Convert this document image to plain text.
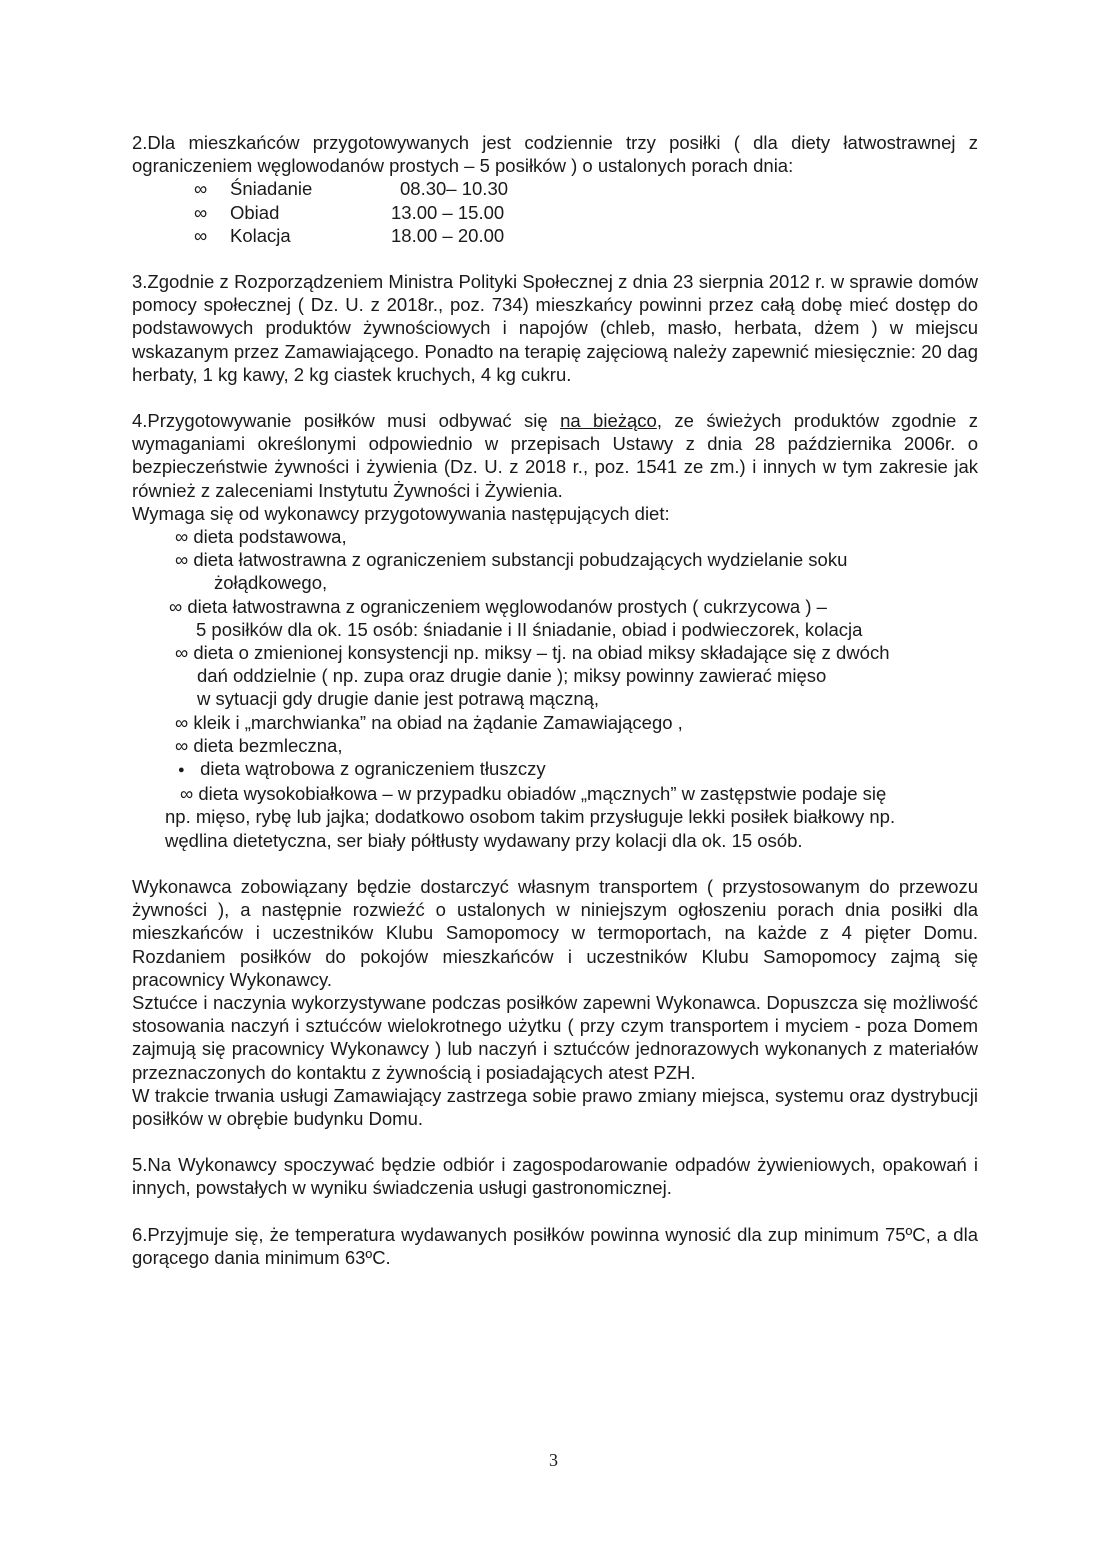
2.Dla mieszkańców przygotowywanych jest codziennie trzy posiłki ( dla diety łatwostrawnej z ograniczeniem węglowodanów prostych – 5 posiłków ) o ustalonych porach dnia:

∞	Śniadanie	08.30– 10.30
∞	Obiad	13.00 – 15.00
∞	Kolacja	18.00 – 20.00

3.Zgodnie z Rozporządzeniem Ministra Polityki Społecznej z dnia 23 sierpnia 2012 r. w sprawie domów pomocy społecznej ( Dz. U. z 2018r., poz. 734) mieszkańcy powinni przez całą dobę mieć dostęp do podstawowych produktów żywnościowych i napojów (chleb, masło, herbata, dżem ) w miejscu wskazanym przez Zamawiającego. Ponadto na terapię zajęciową należy zapewnić miesięcznie: 20 dag herbaty, 1 kg kawy, 2 kg ciastek kruchych, 4 kg cukru.

4.Przygotowywanie posiłków musi odbywać się na bieżąco, ze świeżych produktów zgodnie z wymaganiami określonymi odpowiednio w przepisach Ustawy z dnia 28 października 2006r. o bezpieczeństwie żywności i żywienia (Dz. U. z 2018 r., poz. 1541 ze zm.) i innych w tym zakresie jak również z zaleceniami Instytutu Żywności i Żywienia.

Wymaga się od wykonawcy przygotowywania następujących diet:

∞ dieta podstawowa,

∞ dieta łatwostrawna z ograniczeniem substancji pobudzających wydzielanie soku

żołądkowego,

∞ dieta łatwostrawna z ograniczeniem węglowodanów prostych ( cukrzycowa ) –

5 posiłków dla ok. 15 osób: śniadanie i II śniadanie, obiad i podwieczorek, kolacja

∞ dieta o zmienionej konsystencji np. miksy – tj. na obiad miksy składające się z dwóch

dań oddzielnie ( np. zupa oraz drugie danie ); miksy powinny zawierać mięso

w sytuacji gdy drugie danie jest potrawą mączną,

∞ kleik i „marchwianka” na obiad na żądanie Zamawiającego ,

∞ dieta bezmleczna,

● dieta wątrobowa z ograniczeniem tłuszczy

∞ dieta wysokobiałkowa – w przypadku obiadów „mącznych” w zastępstwie podaje się

np. mięso, rybę lub jajka; dodatkowo osobom takim przysługuje lekki posiłek białkowy np.

wędlina dietetyczna, ser biały półtłusty wydawany przy kolacji dla ok. 15 osób.

Wykonawca zobowiązany będzie dostarczyć własnym transportem ( przystosowanym do przewozu żywności ), a następnie rozwieźć o ustalonych w niniejszym ogłoszeniu porach dnia posiłki dla mieszkańców i uczestników Klubu Samopomocy w termoportach, na każde z 4 pięter Domu. Rozdaniem posiłków do pokojów mieszkańców i uczestników Klubu Samopomocy zajmą się pracownicy Wykonawcy.

Sztućce i naczynia wykorzystywane podczas posiłków zapewni Wykonawca. Dopuszcza się możliwość stosowania naczyń i sztućców wielokrotnego użytku ( przy czym transportem i myciem - poza Domem zajmują się pracownicy Wykonawcy ) lub naczyń i sztućców jednorazowych wykonanych z materiałów przeznaczonych do kontaktu z żywnością i posiadających atest PZH.

W trakcie trwania usługi Zamawiający zastrzega sobie prawo zmiany miejsca, systemu oraz dystrybucji posiłków w obrębie budynku Domu.

5.Na Wykonawcy spoczywać będzie odbiór i zagospodarowanie odpadów żywieniowych, opakowań i innych, powstałych w wyniku świadczenia usługi gastronomicznej.

6.Przyjmuje się, że temperatura wydawanych posiłków powinna wynosić dla zup minimum 75ºC, a dla gorącego dania minimum 63ºC.

3
